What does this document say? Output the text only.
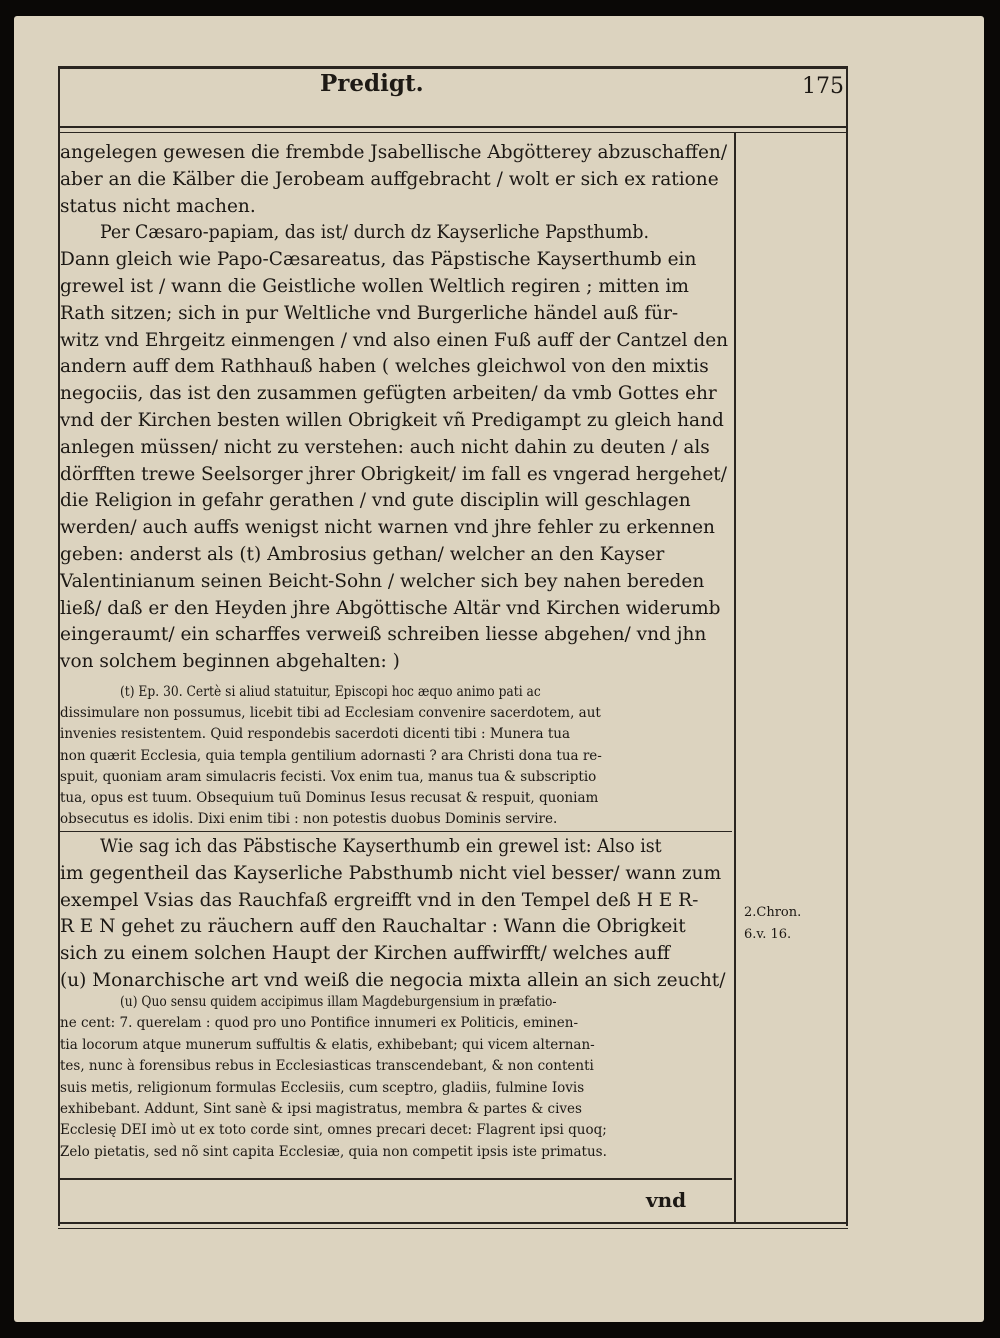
Predigt.	175
angelegen gewesen die frembde Jsabellische Abgötterey abzuschaffen/
aber an die Kälber die Jerobeam auffgebracht / wolt er sich ex ratione
status nicht machen.
Per Cæsaro-papiam, das ist/ durch dz Kayserliche Papsthumb.
Dann gleich wie Papo-Cæsareatus, das Päpstische Kayserthumb ein
grewel ist / wann die Geistliche wollen Weltlich regiren ; mitten im
Rath sitzen; sich in pur Weltliche vnd Burgerliche händel auß für-
witz vnd Ehrgeitz einmengen / vnd also einen Fuß auff der Cantzel den
andern auff dem Rathhauß haben ( welches gleichwol von den mixtis
negociis, das ist den zusammen gefügten arbeiten/ da vmb Gottes ehr
vnd der Kirchen besten willen Obrigkeit vñ Predigampt zu gleich hand
anlegen müssen/ nicht zu verstehen: auch nicht dahin zu deuten / als
dörfften trewe Seelsorger jhrer Obrigkeit/ im fall es vngerad hergehet/
die Religion in gefahr gerathen / vnd gute disciplin will geschlagen
werden/ auch auffs wenigst nicht warnen vnd jhre fehler zu erkennen
geben: anderst als (t) Ambrosius gethan/ welcher an den Kayser
Valentinianum seinen Beicht-Sohn / welcher sich bey nahen bereden
ließ/ daß er den Heyden jhre Abgöttische Altär vnd Kirchen widerumb
eingeraumt/ ein scharffes verweiß schreiben liesse abgehen/ vnd jhn
von solchem beginnen abgehalten: )
(t) Ep. 30. Certè si aliud statuitur, Episcopi hoc æquo animo pati ac
dissimulare non possumus, licebit tibi ad Ecclesiam convenire sacerdotem, aut
invenies resistentem. Quid respondebis sacerdoti dicenti tibi : Munera tua
non quærit Ecclesia, quia templa gentilium adornasti ? ara Christi dona tua re-
spuit, quoniam aram simulacris fecisti. Vox enim tua, manus tua & subscriptio
tua, opus est tuum. Obsequium tuũ Dominus Iesus recusat & respuit, quoniam
obsecutus es idolis. Dixi enim tibi : non potestis duobus Dominis servire.
Wie sag ich das Päbstische Kayserthumb ein grewel ist: Also ist
im gegentheil das Kayserliche Pabsthumb nicht viel besser/ wann zum
exempel Vsias das Rauchfaß ergreifft vnd in den Tempel deß H E R-
R E N gehet zu räuchern auff den Rauchaltar : Wann die Obrigkeit
sich zu einem solchen Haupt der Kirchen auffwirfft/ welches auff
(u) Monarchische art vnd weiß die negocia mixta allein an sich zeucht/
(u) Quo sensu quidem accipimus illam Magdeburgensium in præfatio-
ne cent: 7. querelam : quod pro uno Pontifice innumeri ex Politicis, eminen-
tia locorum atque munerum suffultis & elatis, exhibebant; qui vicem alternan-
tes, nunc à forensibus rebus in Ecclesiasticas transcendebant, & non contenti
suis metis, religionum formulas Ecclesiis, cum sceptro, gladiis, fulmine Iovis
exhibebant. Addunt, Sint sanè & ipsi magistratus, membra & partes & cives
Ecclesię DEI imò ut ex toto corde sint, omnes precari decet: Flagrent ipsi quoq;
Zelo pietatis, sed nõ sint capita Ecclesiæ, quia non competit ipsis iste primatus.
2.Chron.
6.v. 16.
vnd
